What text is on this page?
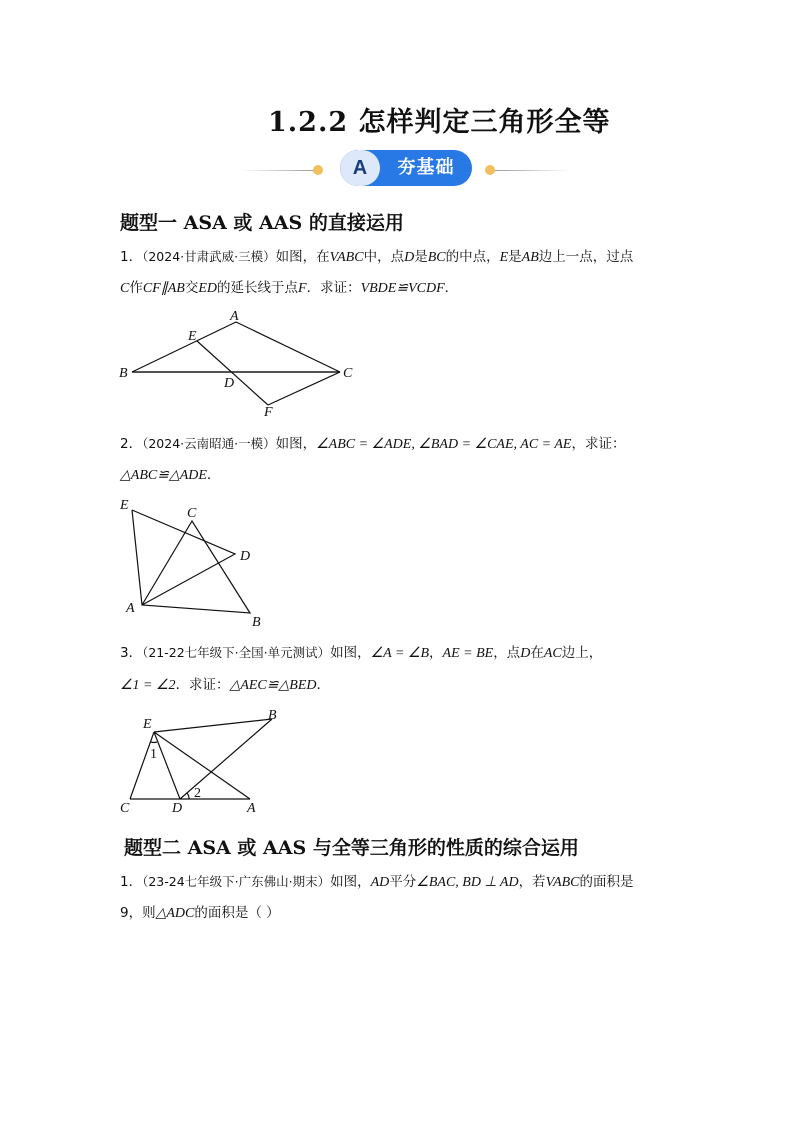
1.2.2 怎样判定三角形全等
A	夯基础
题型一 ASA 或 AAS 的直接运用
1．（2024·甘肃武威·三模）如图，在VABC中，点D是BC的中点，E是AB边上一点，过点
C作CF∥AB交ED的延长线于点F．求证：VBDE≌VCDF．
A
E
B
D
C
F
2．（2024·云南昭通·一模）如图，∠ABC = ∠ADE, ∠BAD = ∠CAE, AC = AE，求证：
△ABC≌△ADE．
E
C
D
A
B
3．（21-22七年级下·全国·单元测试）如图，∠A = ∠B，AE = BE，点D在AC边上，
∠1 = ∠2．求证：△AEC≌△BED．
E
B
1
C	D
2
A
题型二 ASA 或 AAS 与全等三角形的性质的综合运用
1．（23-24七年级下·广东佛山·期末）如图，AD平分∠BAC, BD ⊥ AD，若VABC的面积是
9，则△ADC的面积是（ ）
